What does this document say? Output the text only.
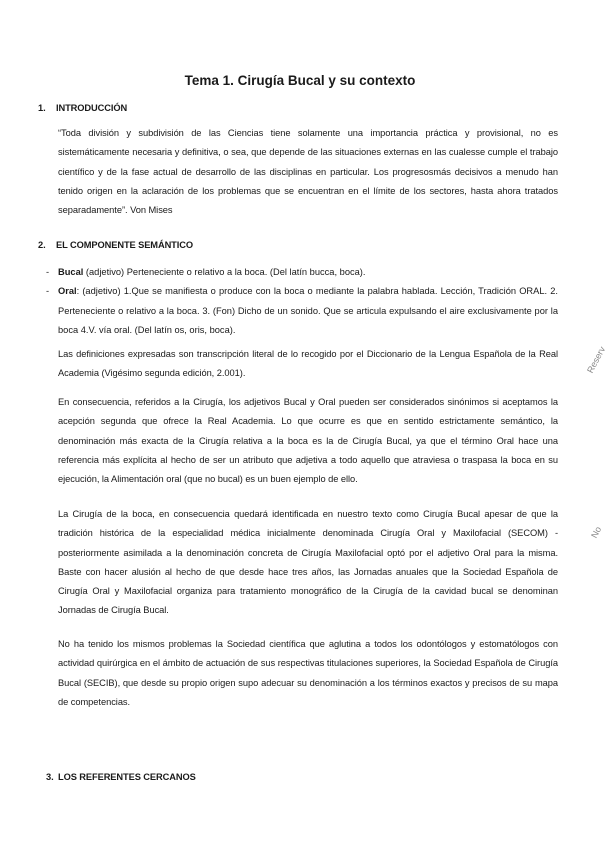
Tema 1. Cirugía Bucal y su contexto
1. INTRODUCCIÓN
“Toda división y subdivisión de las Ciencias tiene solamente una importancia práctica y provisional, no es sistemáticamente necesaria y definitiva, o sea, que depende de las situaciones externas en las cualesse cumple el trabajo científico y de la fase actual de desarrollo de las disciplinas en particular. Los progresosmás decisivos a menudo han tenido origen en la aclaración de los problemas que se encuentran en el límite de los sectores, hasta ahora tratados separadamente”. Von Mises
2. EL COMPONENTE SEMÁNTICO
- Bucal (adjetivo) Perteneciente o relativo a la boca. (Del latín bucca, boca).
- Oral: (adjetivo) 1.Que se manifiesta o produce con la boca o mediante la palabra hablada. Lección, Tradición ORAL. 2. Perteneciente o relativo a la boca. 3. (Fon) Dicho de un sonido. Que se articula expulsando el aire exclusivamente por la boca 4.V. vía oral. (Del latín os, oris, boca).
Las definiciones expresadas son transcripción literal de lo recogido por el Diccionario de la Lengua Española de la Real Academia (Vigésimo segunda edición, 2.001).
En consecuencia, referidos a la Cirugía, los adjetivos Bucal y Oral pueden ser considerados sinónimos si aceptamos la acepción segunda que ofrece la Real Academia. Lo que ocurre es que en sentido estrictamente semántico, la denominación más exacta de la Cirugía relativa a la boca es la de Cirugía Bucal, ya que el término Oral hace una referencia más explícita al hecho de ser un atributo que adjetiva a todo aquello que atraviesa o traspasa la boca en su ejecución, la Alimentación oral (que no bucal) es un buen ejemplo de ello.
La Cirugía de la boca, en consecuencia quedará identificada en nuestro texto como Cirugía Bucal apesar de que la tradición histórica de la especialidad médica inicialmente denominada Cirugía Oral y Maxilofacial (SECOM) - posteriormente asimilada a la denominación concreta de Cirugía Maxilofacial optó por el adjetivo Oral para la misma. Baste con hacer alusión al hecho de que desde hace tres años, las Jornadas anuales que la Sociedad Española de Cirugía Oral y Maxilofacial organiza para tratamiento monográfico de la Cirugía de la cavidad bucal se denominan Jornadas de Cirugía Bucal.
No ha tenido los mismos problemas la Sociedad científica que aglutina a todos los odontólogos y estomatólogos con actividad quirúrgica en el ámbito de actuación de sus respectivas titulaciones superiores, la Sociedad Española de Cirugía Bucal (SECIB), que desde su propio origen supo adecuar su denominación a los términos exactos y precisos de su mapa de competencias.
3. LOS REFERENTES CERCANOS
Reserv
No
